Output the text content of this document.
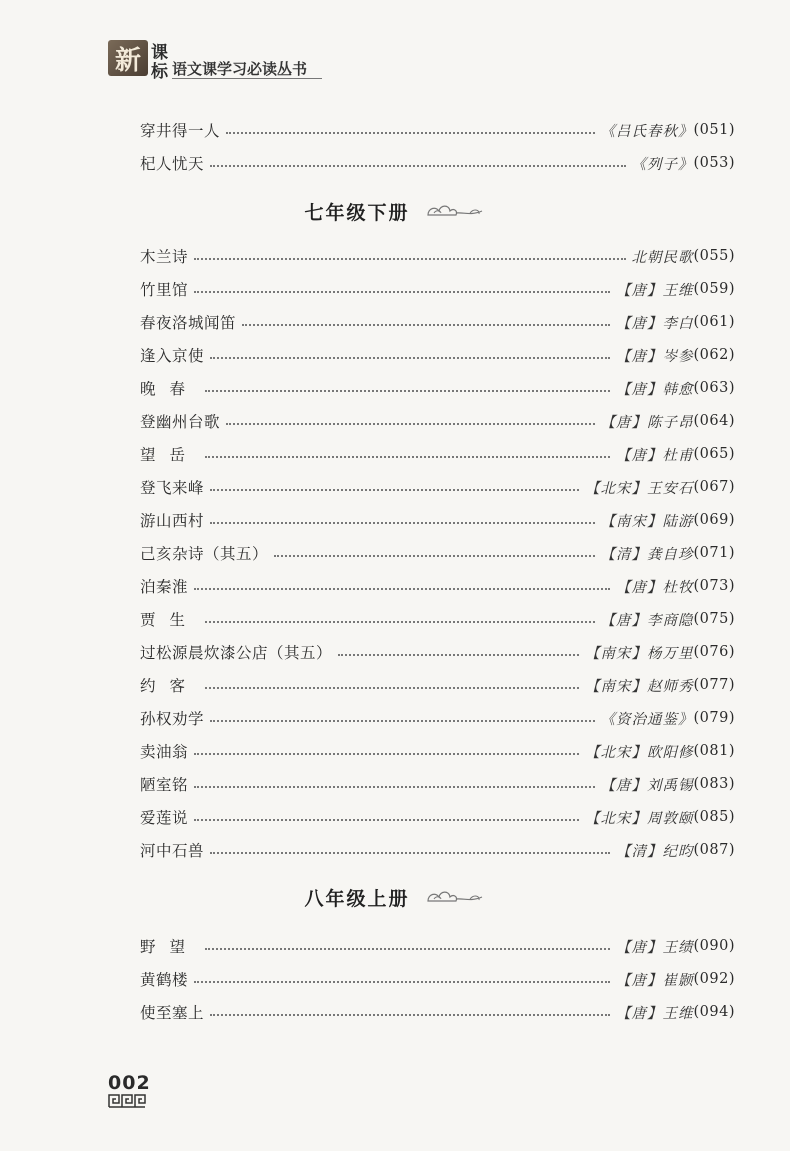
新 课
标 语文课学习必读丛书
穿井得一人	《吕氏春秋》 (051)
杞人忧天	《列子》 (053)
七年级下册
木兰诗	北朝民歌 (055)
竹里馆	【唐】王维 (059)
春夜洛城闻笛	【唐】李白 (061)
逢入京使	【唐】岑参 (062)
晚春	【唐】韩愈 (063)
登幽州台歌	【唐】陈子昂 (064)
望岳	【唐】杜甫 (065)
登飞来峰	【北宋】王安石 (067)
游山西村	【南宋】陆游 (069)
己亥杂诗（其五）	【清】龚自珍 (071)
泊秦淮	【唐】杜牧 (073)
贾生	【唐】李商隐 (075)
过松源晨炊漆公店（其五）	【南宋】杨万里 (076)
约客	【南宋】赵师秀 (077)
孙权劝学	《资治通鉴》 (079)
卖油翁	【北宋】欧阳修 (081)
陋室铭	【唐】刘禹锡 (083)
爱莲说	【北宋】周敦颐 (085)
河中石兽	【清】纪昀 (087)
八年级上册
野望	【唐】王绩 (090)
黄鹤楼	【唐】崔颢 (092)
使至塞上	【唐】王维 (094)
002
